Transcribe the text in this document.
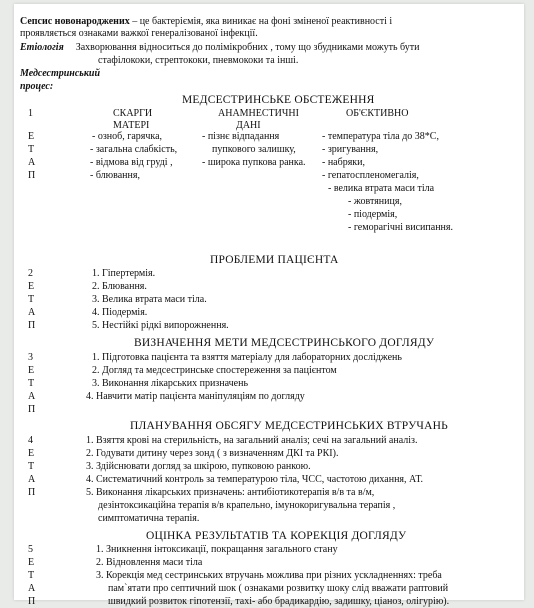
Сепсис новонароджених – це бактеріємія, яка виникає на фоні зміненої реактивності і
проявляється ознаками важкої генералізованої інфекції.
Етіологія Захворювання відноситься до полімікробних , тому що збудниками можуть бути
стафілококи, стрептококи, пневмококи та інші.
Медсестринський
процес:
МЕДСЕСТРИНСЬКЕ ОБСТЕЖЕННЯ
1	СКАРГИ
МАТЕРІ
АНАМНЕСТИЧНІ
ДАНІ
ОБ'ЄКТИВНО
Е
Т
А
П
- озноб, гарячка,
- загальна слабкість,
- відмова від груді ,
- блювання,
- пізнє відпадання
пупкового залишку,
- широка пупкова ранка.
- температура тіла до 38*С,
- зригування,
- набряки,
- гепатоспленомегалія,
- велика втрата маси тіла
- жовтяниця,
- піодермія,
- геморагічні висипання.
ПРОБЛЕМИ ПАЦІЄНТА
2
Е
Т
А
П
1. Гіпертермія.
2. Блювання.
3. Велика втрата маси тіла.
4. Піодермія.
5. Нестійкі рідкі випорожнення.
ВИЗНАЧЕННЯ МЕТИ МЕДСЕСТРИНСЬКОГО ДОГЛЯДУ
3
Е
Т
А
П
1. Підготовка пацієнта та взяття матеріалу для лабораторних досліджень
2. Догляд та медсестринське спостереження за пацієнтом
3. Виконання лікарських призначень
4. Навчити матір пацієнта маніпуляціям по догляду
ПЛАНУВАННЯ ОБСЯГУ МЕДСЕСТРИНСЬКИХ ВТРУЧАНЬ
4
Е
Т
А
П
1. Взяття крові на стерильність, на загальний аналіз; сечі на загальний аналіз.
2. Годувати дитину через зонд ( з визначенням ДКІ та РКІ).
3. Здійснювати догляд за шкірою, пупковою ранкою.
4. Систематичний контроль за температурою тіла, ЧСС, частотою дихання, АТ.
5. Виконання лікарських призначень: антибіотикотерапія в/в та в/м,
дезінтоксикаційна терапія в/в крапельно, імунокоригувальна терапія ,
симптоматична терапія.
ОЦІНКА РЕЗУЛЬТАТІВ ТА КОРЕКЦІЯ ДОГЛЯДУ
5
Е
Т
А
П
1. Зникнення інтоксикації, покращання загального стану
2. Відновлення маси тіла
3. Корекція мед сестринських втручань можлива при різних ускладненнях: треба
пам`ятати про септичний шок ( ознаками розвитку шоку слід вважати раптовий
швидкий розвиток гіпотензії, тахі- або брадикардію, задишку, ціаноз, олігурію).
